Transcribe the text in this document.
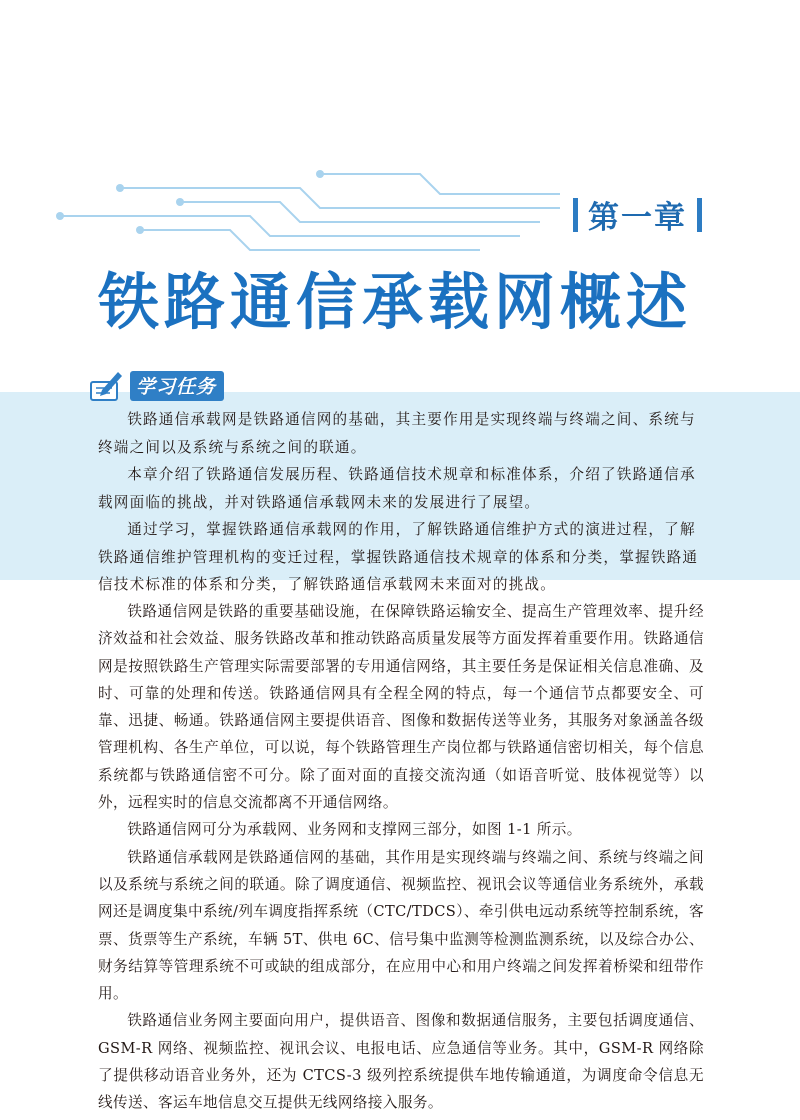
第一章
铁路通信承载网概述
学习任务

铁路通信承载网是铁路通信网的基础，其主要作用是实现终端与终端之间、系统与终端之间以及系统与系统之间的联通。

本章介绍了铁路通信发展历程、铁路通信技术规章和标准体系，介绍了铁路通信承载网面临的挑战，并对铁路通信承载网未来的发展进行了展望。

通过学习，掌握铁路通信承载网的作用，了解铁路通信维护方式的演进过程，了解铁路通信维护管理机构的变迁过程，掌握铁路通信技术规章的体系和分类，掌握铁路通信技术标准的体系和分类，了解铁路通信承载网未来面对的挑战。

铁路通信网是铁路的重要基础设施，在保障铁路运输安全、提高生产管理效率、提升经济效益和社会效益、服务铁路改革和推动铁路高质量发展等方面发挥着重要作用。铁路通信网是按照铁路生产管理实际需要部署的专用通信网络，其主要任务是保证相关信息准确、及时、可靠的处理和传送。铁路通信网具有全程全网的特点，每一个通信节点都要安全、可靠、迅捷、畅通。铁路通信网主要提供语音、图像和数据传送等业务，其服务对象涵盖各级管理机构、各生产单位，可以说，每个铁路管理生产岗位都与铁路通信密切相关，每个信息系统都与铁路通信密不可分。除了面对面的直接交流沟通（如语音听觉、肢体视觉等）以外，远程实时的信息交流都离不开通信网络。

铁路通信网可分为承载网、业务网和支撑网三部分，如图 1-1 所示。

铁路通信承载网是铁路通信网的基础，其作用是实现终端与终端之间、系统与终端之间以及系统与系统之间的联通。除了调度通信、视频监控、视讯会议等通信业务系统外，承载网还是调度集中系统/列车调度指挥系统（CTC/TDCS）、牵引供电远动系统等控制系统，客票、货票等生产系统，车辆 5T、供电 6C、信号集中监测等检测监测系统，以及综合办公、财务结算等管理系统不可或缺的组成部分，在应用中心和用户终端之间发挥着桥梁和纽带作用。

铁路通信业务网主要面向用户，提供语音、图像和数据通信服务，主要包括调度通信、GSM-R 网络、视频监控、视讯会议、电报电话、应急通信等业务。其中，GSM-R 网络除了提供移动语音业务外，还为 CTCS-3 级列控系统提供车地传输通道，为调度命令信息无线传送、客运车地信息交互提供无线网络接入服务。
